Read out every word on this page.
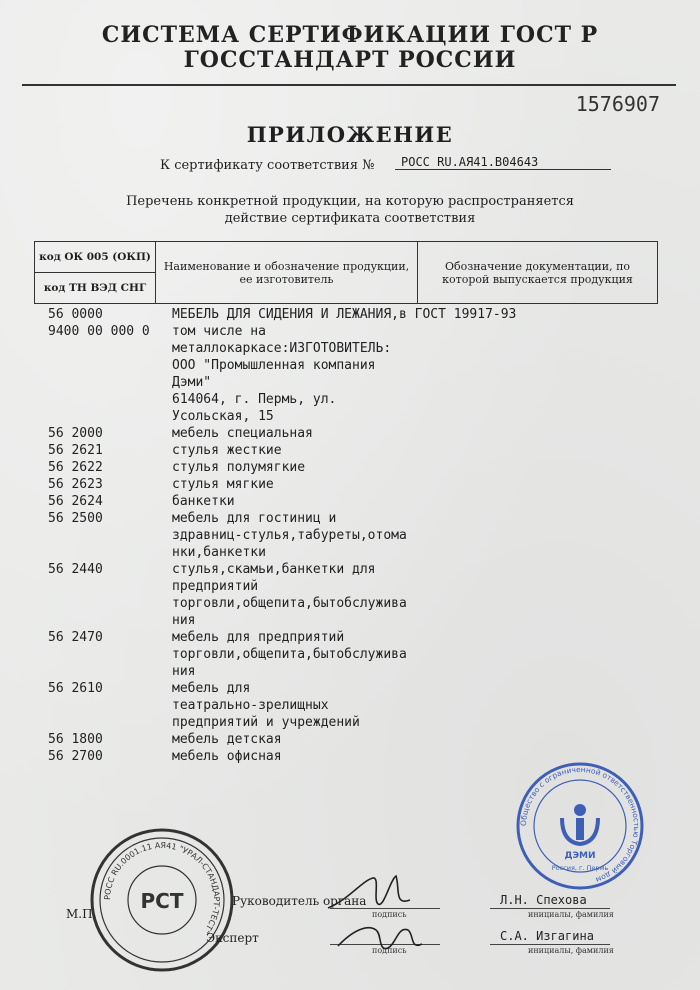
СИСТЕМА СЕРТИФИКАЦИИ ГОСТ Р
ГОССТАНДАРТ РОССИИ
1576907
ПРИЛОЖЕНИЕ
К сертификату соответствия №	РОСС RU.АЯ41.В04643
Перечень конкретной продукции, на которую распространяется
действие сертификата соответствия
код ОК 005 (ОКП)	Наименование и обозначение продукции, ее изготовитель	Обозначение документации, по которой выпускается продукция
код ТН ВЭД СНГ
56 0000	МЕБЕЛЬ ДЛЯ СИДЕНИЯ И ЛЕЖАНИЯ,в ГОСТ 19917-93
9400 00 000 0 том числе на
металлокаркасе:ИЗГОТОВИТЕЛЬ:
ООО "Промышленная компания
Дэми"
614064, г. Пермь, ул.
Усольская, 15
56 2000	мебель специальная
56 2621	стулья жесткие
56 2622	стулья полумягкие
56 2623	стулья мягкие
56 2624	банкетки
56 2500	мебель для гостиниц и
здравниц-стулья,табуреты,отома
нки,банкетки
56 2440	стулья,скамьи,банкетки для
предприятий
торговли,общепита,бытобслужива
ния
56 2470	мебель для предприятий
торговли,общепита,бытобслужива
ния
56 2610	мебель для
театрально-зрелищных
предприятий и учреждений
56 1800	мебель детская
56 2700	мебель офисная
РОСС RU.0001.11 АЯ41 "УРАЛ-СТАНДАРТ-ТЕСТ"
РСТ
Общество с ограниченной ответственностью Торговый дом
ДЭМИ
Россия, г. Пермь
М.П.
Руководитель органа
Эксперт
подпись
подпись
Л.Н. Спехова
инициалы, фамилия
С.А. Изгагина
инициалы, фамилия
